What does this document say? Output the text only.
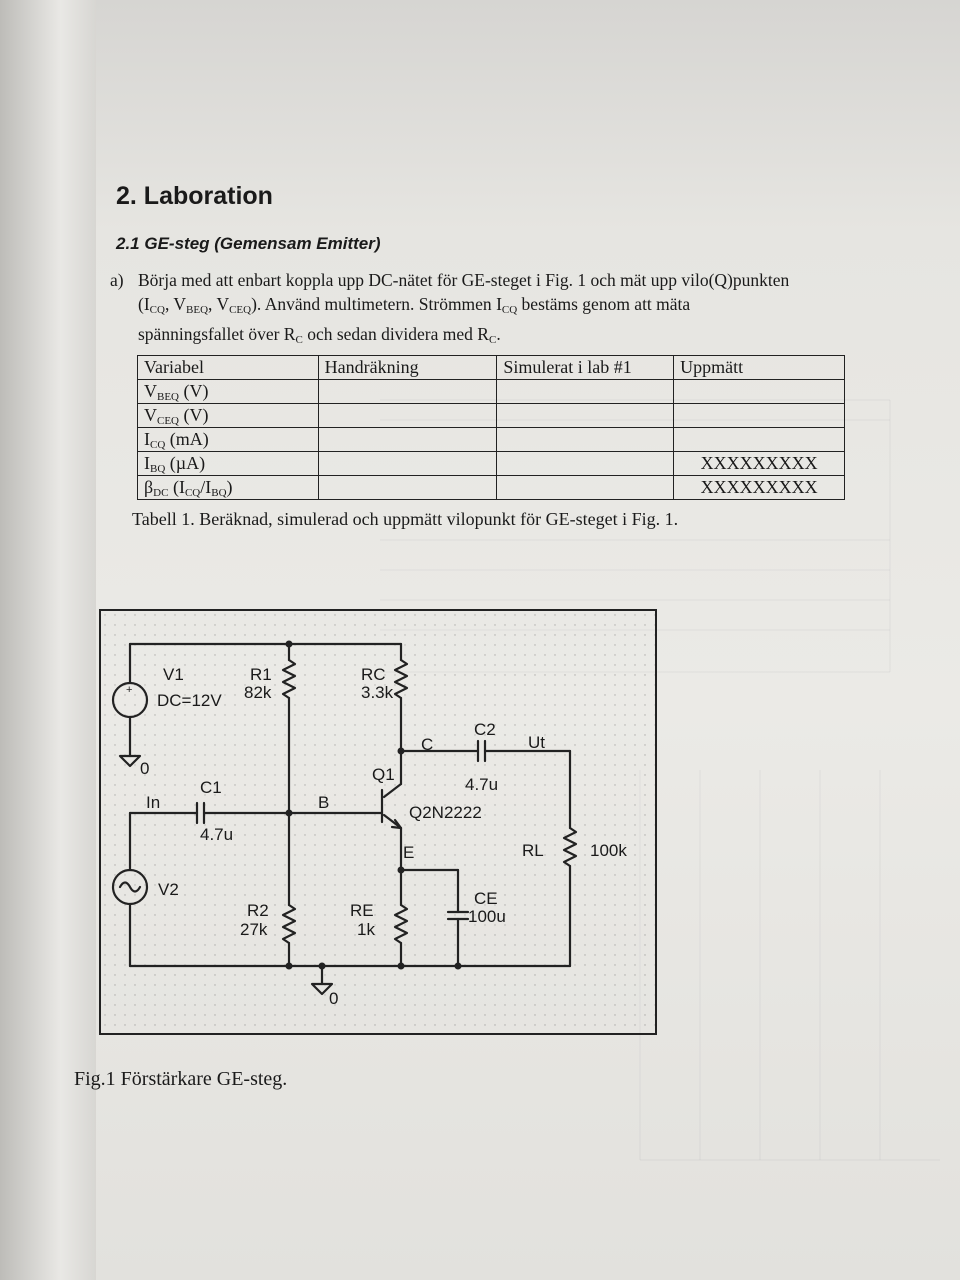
2. Laboration
2.1 GE-steg (Gemensam Emitter)
a) Börja med att enbart koppla upp DC-nätet för GE-steget i Fig. 1 och mät upp vilo(Q)punkten
($I_{CQ}$, $V_{BEQ}$, $V_{CEQ}$). Använd multimetern. Strömmen $I_{CQ}$ bestäms genom att mäta
spänningsfallet över $R_C$ och sedan dividera med $R_C$.
Variabel	Handräkning	Simulerat i lab #1	Uppmätt
$V_{BEQ}$ (V)			
$V_{CEQ}$ (V)			
$I_{CQ}$ (mA)			
$I_{BQ}$ (µA)			XXXXXXXXX
$\beta_{DC}$ $(I_{CQ}/I_{BQ})$			XXXXXXXXX
Tabell 1. Beräknad, simulerad och uppmätt vilopunkt för GE-steget i Fig. 1.
+
V1
DC=12V
R1
82k
RC
3.3k
0
C
C2
Ut
4.7u
Q1
Q2N2222
In
C1
B
4.7u
E	RL	100k
V2
R2
27k
RE
1k
CE
100u
0
Fig.1 Förstärkare GE-steg.
